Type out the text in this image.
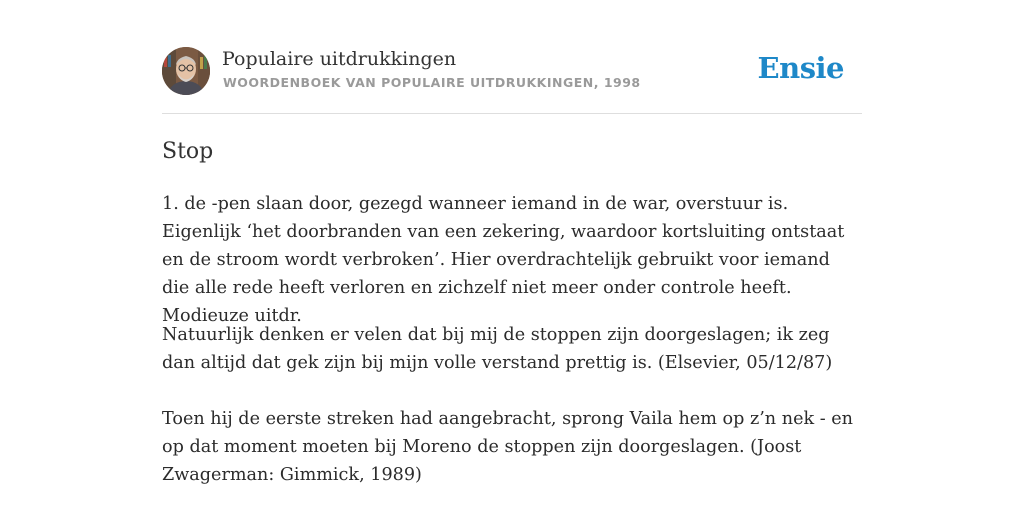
Populaire uitdrukkingen
WOORDENBOEK VAN POPULAIRE UITDRUKKINGEN, 1998	Ensie
Stop

1. de -pen slaan door, gezegd wanneer iemand in de war, overstuur is. Eigenlijk ‘het doorbranden van een zekering, waardoor kortsluiting ontstaat en de stroom wordt verbroken’. Hier overdrachtelijk gebruikt voor iemand die alle rede heeft verloren en zichzelf niet meer onder controle heeft. Modieuze uitdr.

Natuurlijk denken er velen dat bij mij de stoppen zijn doorgeslagen; ik zeg dan altijd dat gek zijn bij mijn volle verstand prettig is. (Elsevier, 05/12/87)

Toen hij de eerste streken had aangebracht, sprong Vaila hem op z’n nek - en op dat moment moeten bij Moreno de stoppen zijn doorgeslagen. (Joost Zwagerman: Gimmick, 1989)
